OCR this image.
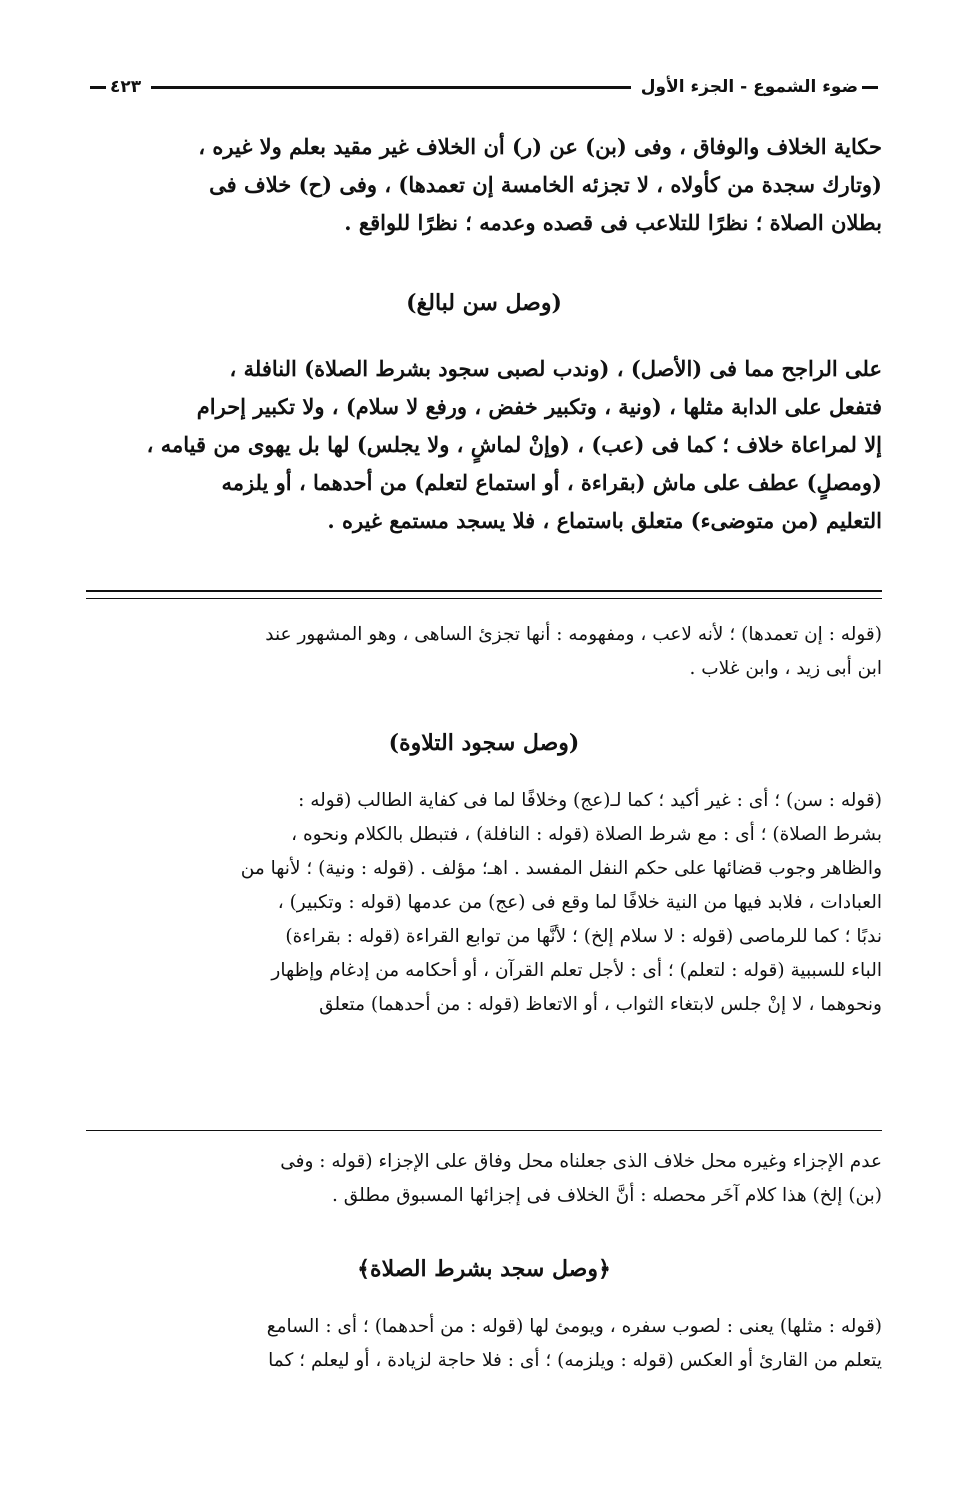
ضوء الشموع - الجزء الأول
٤٢٣

حكاية الخلاف والوفاق ، وفى (بن) عن (ر) أن الخلاف غير مقيد بعلم ولا غيره ،

(وتارك سجدة من كأولاه ، لا تجزئه الخامسة إن تعمدها) ، وفى (ح) خلاف فى

بطلان الصلاة ؛ نظرًا للتلاعب فى قصده وعدمه ؛ نظرًا للواقع .

(وصل سن لبالغ)

على الراجح مما فى (الأصل) ، (وندب لصبى سجود بشرط الصلاة) النافلة ،

فتفعل على الدابة مثلها ، (ونية ، وتكبير خفض ، ورفع لا سلام) ، ولا تكبير إحرام

إلا لمراعاة خلاف ؛ كما فى (عب) ، (وإنْ لماشٍ ، ولا يجلس) لها بل يهوى من قيامه ،

(ومصلٍ) عطف على ماش (بقراءة ، أو استماع لتعلم) من أحدهما ، أو يلزمه

التعليم (من متوضىء) متعلق باستماع ، فلا يسجد مستمع غيره .

(قوله : إن تعمدها) ؛ لأنه لاعب ، ومفهومه : أنها تجزئ الساهى ، وهو المشهور عند

ابن أبى زيد ، وابن غلاب .

(وصل سجود التلاوة)

(قوله : سن) ؛ أى : غير أكيد ؛ كما لـ(عج) وخلافًا لما فى كفاية الطالب (قوله :

بشرط الصلاة) ؛ أى : مع شرط الصلاة (قوله : النافلة) ، فتبطل بالكلام ونحوه ،

والظاهر وجوب قضائها على حكم النفل المفسد . اهـ؛ مؤلف . (قوله : ونية) ؛ لأنها من

العبادات ، فلابد فيها من النية خلافًا لما وقع فى (عج) من عدمها (قوله : وتكبير) ،

ندبًا ؛ كما للرماصى (قوله : لا سلام إلخ) ؛ لأنَّها من توابع القراءة (قوله : بقراءة)

الباء للسببية (قوله : لتعلم) ؛ أى : لأجل تعلم القرآن ، أو أحكامه من إدغام وإظهار

ونحوهما ، لا إنْ جلس لابتغاء الثواب ، أو الاتعاظ (قوله : من أحدهما) متعلق

عدم الإجزاء وغيره محل خلاف الذى جعلناه محل وفاق على الإجزاء (قوله : وفى

(بن) إلخ) هذا كلام آخَر محصله : أنَّ الخلاف فى إجزائها المسبوق مطلق .

﴿وصل سجد بشرط الصلاة﴾

(قوله : مثلها) يعنى : لصوب سفره ، ويومئ لها (قوله : من أحدهما) ؛ أى : السامع

يتعلم من القارئ أو العكس (قوله : ويلزمه) ؛ أى : فلا حاجة لزيادة ، أو ليعلم ؛ كما
